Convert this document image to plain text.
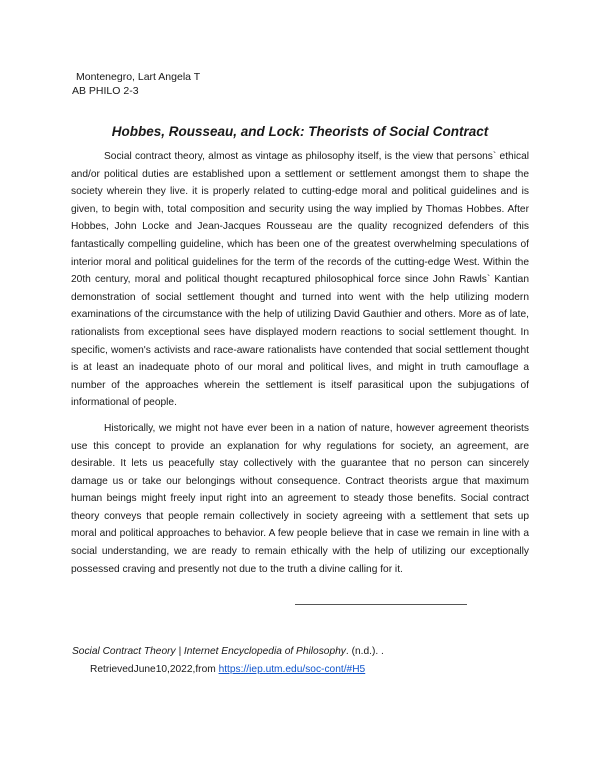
Montenegro, Lart Angela T
AB PHILO 2-3
Hobbes, Rousseau, and Lock: Theorists of Social Contract

Social contract theory, almost as vintage as philosophy itself, is the view that persons` ethical and/or political duties are established upon a settlement or settlement amongst them to shape the society wherein they live. it is properly related to cutting-edge moral and political guidelines and is given, to begin with, total composition and security using the way implied by Thomas Hobbes. After Hobbes, John Locke and Jean-Jacques Rousseau are the quality recognized defenders of this fantastically compelling guideline, which has been one of the greatest overwhelming speculations of interior moral and political guidelines for the term of the records of the cutting-edge West. Within the 20th century, moral and political thought recaptured philosophical force since John Rawls` Kantian demonstration of social settlement thought and turned into went with the help utilizing modern examinations of the circumstance with the help of utilizing David Gauthier and others. More as of late, rationalists from exceptional sees have displayed modern reactions to social settlement thought. In specific, women's activists and race-aware rationalists have contended that social settlement thought is at least an inadequate photo of our moral and political lives, and might in truth camouflage a number of the approaches wherein the settlement is itself parasitical upon the subjugations of informational of people.

Historically, we might not have ever been in a nation of nature, however agreement theorists use this concept to provide an explanation for why regulations for society, an agreement, are desirable. It lets us peacefully stay collectively with the guarantee that no person can sincerely damage us or take our belongings without consequence. Contract theorists argue that maximum human beings might freely input right into an agreement to steady those benefits. Social contract theory conveys that people remain collectively in society agreeing with a settlement that sets up moral and political approaches to behavior. A few people believe that in case we remain in line with a social understanding, we are ready to remain ethically with the help of utilizing our exceptionally possessed craving and presently not due to the truth a divine calling for it.

Social Contract Theory | Internet Encyclopedia of Philosophy. (n.d.). .
RetrievedJune10,2022,from https://iep.utm.edu/soc-cont/#H5
